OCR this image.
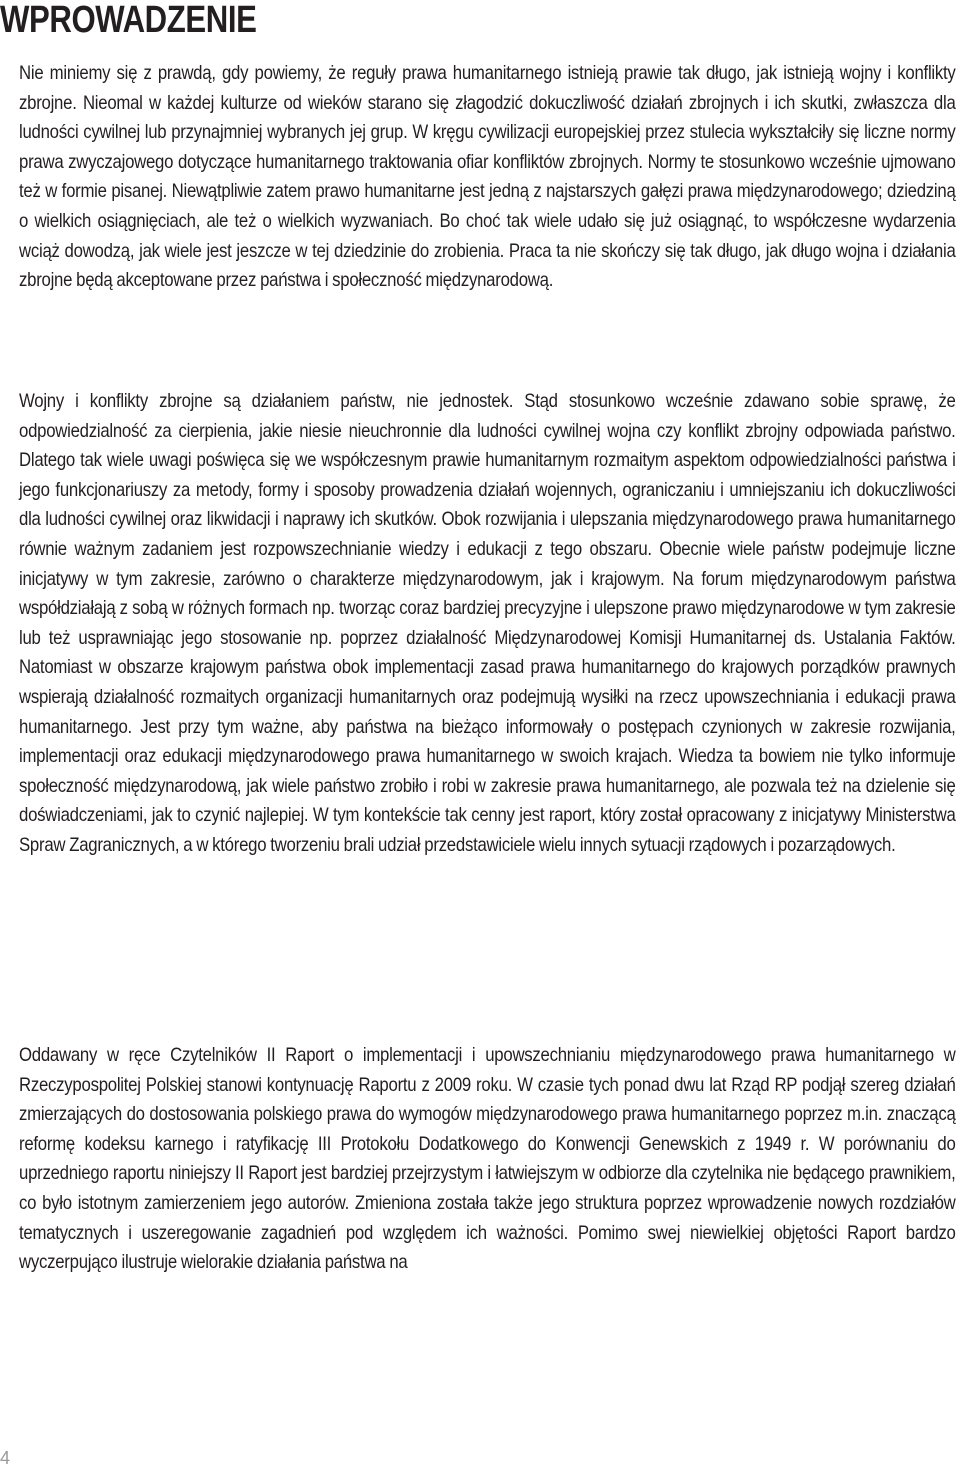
WPROWADZENIE

Nie miniemy się z prawdą, gdy powiemy, że reguły prawa humanitarnego istnieją prawie tak długo, jak istnieją wojny i konflikty zbrojne. Nieomal w każdej kulturze od wieków starano się złagodzić dokuczliwość działań zbrojnych i ich skutki, zwłaszcza dla ludności cywilnej lub przynajmniej wybranych jej grup. W kręgu cywilizacji europejskiej przez stulecia wykształciły się liczne normy prawa zwyczajowego dotyczące humanitarnego traktowania ofiar konfliktów zbrojnych. Normy te stosunkowo wcześnie ujmowano też w formie pisanej. Niewątpliwie zatem prawo humanitarne jest jedną z najstarszych gałęzi prawa międzynarodowego; dziedziną o wielkich osiągnięciach, ale też o wielkich wyzwaniach. Bo choć tak wiele udało się już osiągnąć, to współczesne wydarzenia wciąż dowodzą, jak wiele jest jeszcze w tej dziedzinie do zrobienia. Praca ta nie skończy się tak długo, jak długo wojna i działania zbrojne będą akceptowane przez państwa i społeczność międzynarodową.

Wojny i konflikty zbrojne są działaniem państw, nie jednostek. Stąd stosunkowo wcześnie zdawano sobie sprawę, że odpowiedzialność za cierpienia, jakie niesie nieuchronnie dla ludności cywilnej wojna czy konflikt zbrojny odpowiada państwo. Dlatego tak wiele uwagi poświęca się we współczesnym prawie humanitarnym rozmaitym aspektom odpowiedzialności państwa i jego funkcjonariuszy za metody, formy i sposoby prowadzenia działań wojennych, ograniczaniu i umniejszaniu ich dokuczliwości dla ludności cywilnej oraz likwidacji i naprawy ich skutków. Obok rozwijania i ulepszania międzynarodowego prawa humanitarnego równie ważnym zadaniem jest rozpowszechnianie wiedzy i edukacji z tego obszaru. Obecnie wiele państw podejmuje liczne inicjatywy w tym zakresie, zarówno o charakterze międzynarodowym, jak i krajowym. Na forum międzynarodowym państwa współdziałają z sobą w różnych formach np. tworząc coraz bardziej precyzyjne i ulepszone prawo międzynarodowe w tym zakresie lub też usprawniając jego stosowanie np. poprzez działalność Międzynarodowej Komisji Humanitarnej ds. Ustalania Faktów. Natomiast w obszarze krajowym państwa obok implementacji zasad prawa humanitarnego do krajowych porządków prawnych wspierają działalność rozmaitych organizacji humanitarnych oraz podejmują wysiłki na rzecz upowszechniania i edukacji prawa humanitarnego. Jest przy tym ważne, aby państwa na bieżąco informowały o postępach czynionych w zakresie rozwijania, implementacji oraz edukacji międzynarodowego prawa humanitarnego w swoich krajach. Wiedza ta bowiem nie tylko informuje społeczność międzynarodową, jak wiele państwo zrobiło i robi w zakresie prawa humanitarnego, ale pozwala też na dzielenie się doświadczeniami, jak to czynić najlepiej. W tym kontekście tak cenny jest raport, który został opracowany z inicjatywy Ministerstwa Spraw Zagranicznych, a w którego tworzeniu brali udział przedstawiciele wielu innych sytuacji rządowych i pozarządowych.

Oddawany w ręce Czytelników II Raport o implementacji i upowszechnianiu międzynarodowego prawa humanitarnego w Rzeczypospolitej Polskiej stanowi kontynuację Raportu z 2009 roku. W czasie tych ponad dwu lat Rząd RP podjął szereg działań zmierzających do dostosowania polskiego prawa do wymogów międzynarodowego prawa humanitarnego poprzez m.in. znaczącą reformę kodeksu karnego i ratyfikację III Protokołu Dodatkowego do Konwencji Genewskich z 1949 r. W porównaniu do uprzedniego raportu niniejszy II Raport jest bardziej przejrzystym i łatwiejszym w odbiorze dla czytelnika nie będącego prawnikiem, co było istotnym zamierzeniem jego autorów. Zmieniona została także jego struktura poprzez wprowadzenie nowych rozdziałów tematycznych i uszeregowanie zagadnień pod względem ich ważności. Pomimo swej niewielkiej objętości Raport bardzo wyczerpująco ilustruje wielorakie działania państwa na

4
